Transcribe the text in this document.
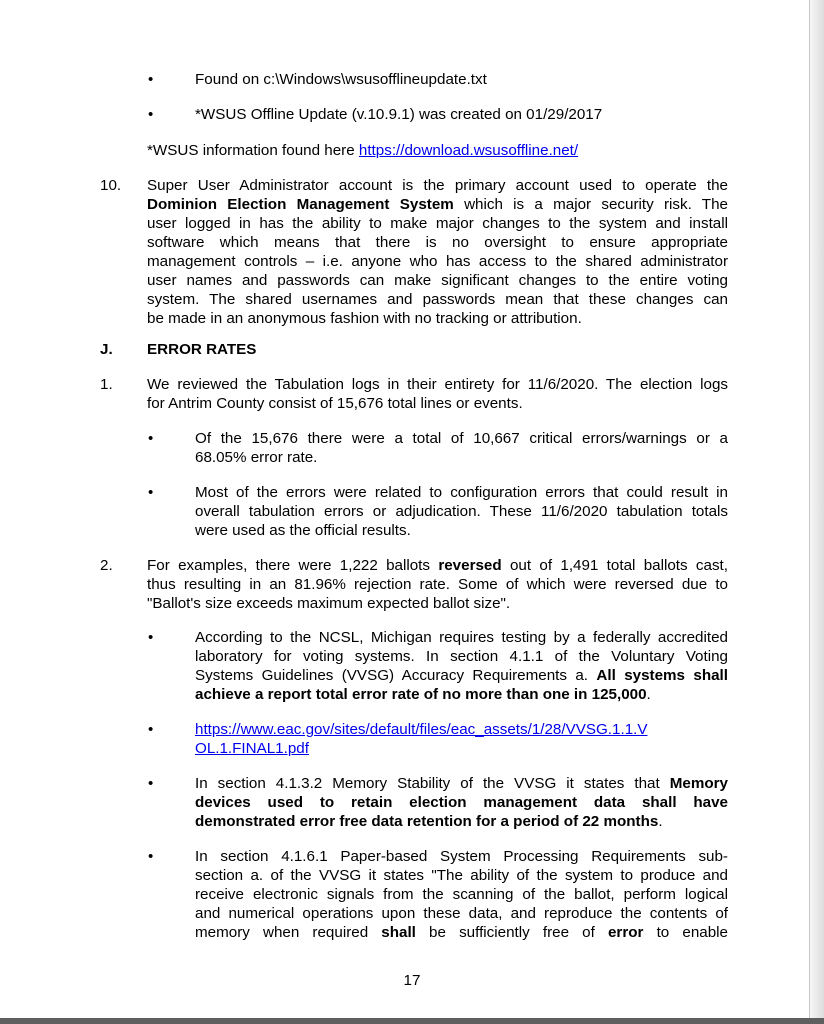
•	Found on c:\Windows\wsusofflineupdate.txt
•	*WSUS Offline Update (v.10.9.1) was created on 01/29/2017
*WSUS information found here https://download.wsusoffline.net/
10. Super User Administrator account is the primary account used to operate the
Dominion Election Management System which is a major security risk. The
user logged in has the ability to make major changes to the system and install
software which means that there is no oversight to ensure appropriate
management controls – i.e. anyone who has access to the shared administrator
user names and passwords can make significant changes to the entire voting
system. The shared usernames and passwords mean that these changes can
be made in an anonymous fashion with no tracking or attribution.
J. ERROR RATES
1. We reviewed the Tabulation logs in their entirety for 11/6/2020. The election logs
for Antrim County consist of 15,676 total lines or events.
•	Of the 15,676 there were a total of 10,667 critical errors/warnings or a
68.05% error rate.
•	Most of the errors were related to configuration errors that could result in
overall tabulation errors or adjudication. These 11/6/2020 tabulation totals
were used as the official results.
2. For examples, there were 1,222 ballots reversed out of 1,491 total ballots cast,
thus resulting in an 81.96% rejection rate. Some of which were reversed due to
"Ballot's size exceeds maximum expected ballot size".
•	According to the NCSL, Michigan requires testing by a federally accredited
laboratory for voting systems. In section 4.1.1 of the Voluntary Voting
Systems Guidelines (VVSG) Accuracy Requirements a. All systems shall
achieve a report total error rate of no more than one in 125,000.
•	https://www.eac.gov/sites/default/files/eac_assets/1/28/VVSG.1.1.V
OL.1.FINAL1.pdf
•	In section 4.1.3.2 Memory Stability of the VVSG it states that Memory
devices used to retain election management data shall have
demonstrated error free data retention for a period of 22 months.
•	In section 4.1.6.1 Paper-based System Processing Requirements sub-
section a. of the VVSG it states "The ability of the system to produce and
receive electronic signals from the scanning of the ballot, perform logical
and numerical operations upon these data, and reproduce the contents of
memory when required shall be sufficiently free of error to enable
17
